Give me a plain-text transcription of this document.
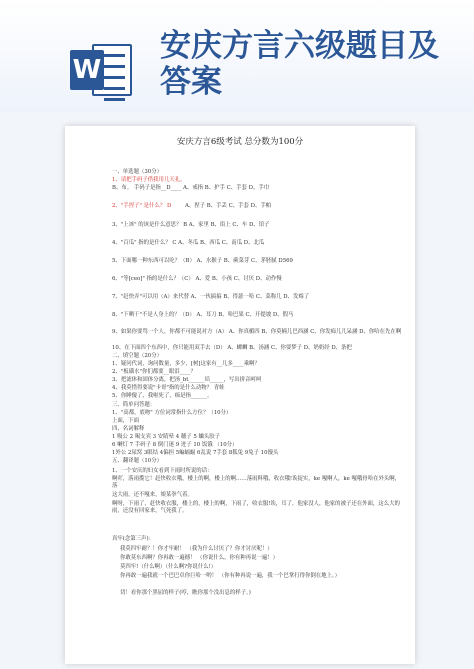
W
安庆方言六级题目及答案
安庆方言6级考试 总分数为100分
一、单选题（30分）
1、请把手码子借我用几天礼。
B、布。 手码子是指__D____ A、戒指 B、护手 C、手套 D、手巾
2、"手捏子" 是什么？ D	A、捏子 B、手丢 C、手套 D、手帕
3、"上该" 的该是什么意思？ B A、家里 B、街上 C、车 D、馆子
4、"百瓜" 指的是什么？ C A、冬瓜 B、西瓜 C、南瓜 D、北瓜
5、下面哪一种东西可以吃？（B） A、水猴子 B、蕨菜芽 C、茅胚腻 D569
6、"等[ceo]" 指的是什么？（C） A、爱 B、小孩 C、讨厌 D、动作慢
7、"赶快弄"可以用（A）来代替 A、一伙搞搞 B、得瑟一哈 C、菜称儿 D、发霉了
8、"下晒干"不是人身上的？（D） A、耳刀 B、哈巴果 C、开提坡 D、假马
9、如果你要骂一个人，你都不可能说对方（A） A、你真楣四 B、你莫楠儿巴西涵 C、你发痴儿儿呆涵 D、你哈在先在啊
10、在下面四个东西中，你只能用双手去（D） A、螺蛳 B、汤涵 C、你要梦子 D、奶奶经 D、条把
二、填空题（20分）
1、疑问代词，询问数量，多少，[树]这家有__几多____乘啊？
2、"板磺水"你们都要__眼泪____？
3、把滤体和固体分离，把汤_bt______培_____，写出拼音呵呵
4、我莫惜得要说"卡哥"指的是什么动物？ 青蛙
5、你睡傻了，我啦死了，痴是指______。
三、简单问答题：
1、"高都，底吻" 方位词常指什么方位？（10分）
上面，下面
四、名词解释
1 吸公 2 喝支宾 3 安睛晕 4 穗子 5 蛐头胶子
6 喇灯 7 手码子 8 倒门迷 9 迸子 10 饭饿 （10分）
1外公 2尿窝 3眼结 4偏担 5蝙蝠蝠 6乱说 7手套 8狐兔 9兔子 10馒头
五、翻译题（10分）
1、一个安庆的妇女看到下雨时所说的话：
啊吖，落雨揽它！赶快收衣哦，楼上的啊，楼上的啊……落雨料哦，收衣哦!诶捉实，ke 嘎啊人，ke 嘎哦骨哈在外头啊，落
这大雨，还不嘎来，娘某拳气着。
啊呀，下雨了，赶快收衣服，楼上的，楼上的啊，下雨了，收衣服!诶，耳了，他家没人，他家的被子还在外面，这么大的雨，还没有回家来，气死我了。
真牢(念第三声)：
我莫四牢耐？！你才牢耐！ （我为什么讨厌了？你才讨厌呢！）
你敢莫东西啊？你再敢一遍撼！ （你说什么，你有种再说一遍！）
莫四牢!（什么啊）（什么啊?你说什么!）
你再敢一遍我就一个巴巴卓你巨哈一哟！ （你有种再说一遍，我一个巴掌打得你倒在地上。）
切！看你那个黑屈的样子(哼，瞧你那个没出息的样子。)
